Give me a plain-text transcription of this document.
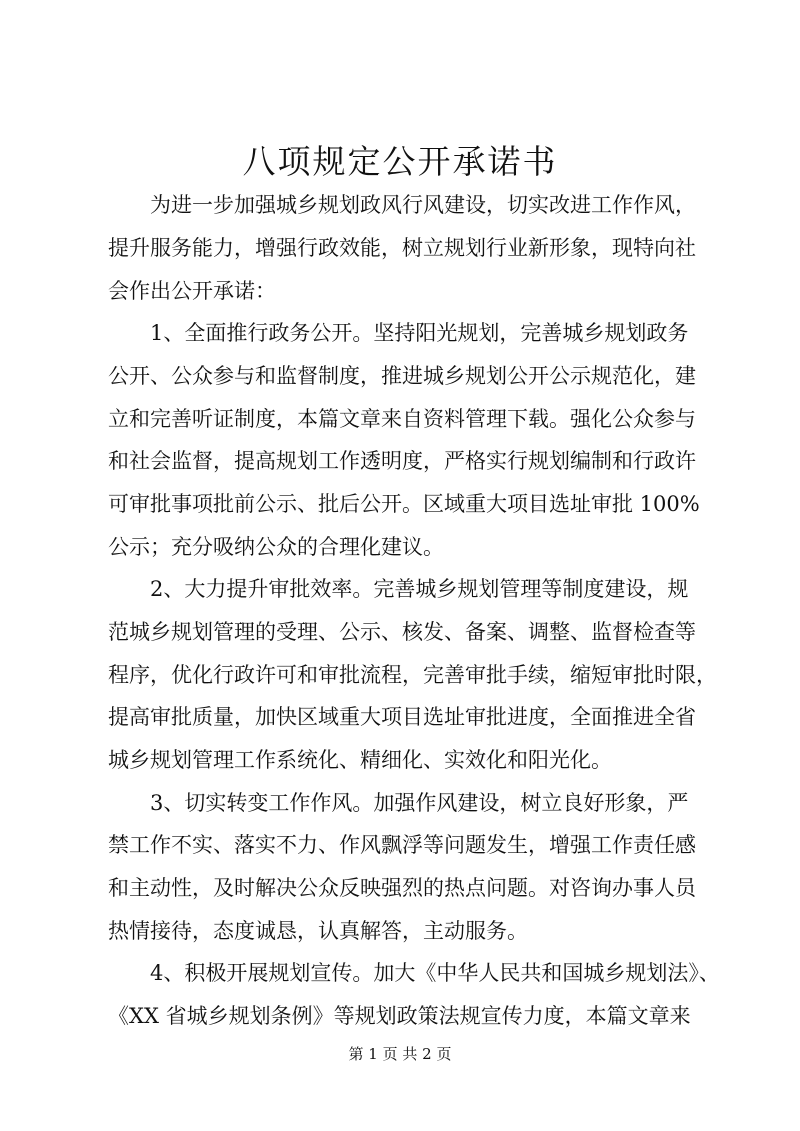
八项规定公开承诺书
为进一步加强城乡规划政风行风建设，切实改进工作作风，
提升服务能力，增强行政效能，树立规划行业新形象，现特向社
会作出公开承诺：
1、全面推行政务公开。坚持阳光规划，完善城乡规划政务
公开、公众参与和监督制度，推进城乡规划公开公示规范化，建
立和完善听证制度，本篇文章来自资料管理下载。强化公众参与
和社会监督，提高规划工作透明度，严格实行规划编制和行政许
可审批事项批前公示、批后公开。区域重大项目选址审批 100%
公示；充分吸纳公众的合理化建议。
2、大力提升审批效率。完善城乡规划管理等制度建设，规
范城乡规划管理的受理、公示、核发、备案、调整、监督检查等
程序，优化行政许可和审批流程，完善审批手续，缩短审批时限，
提高审批质量，加快区域重大项目选址审批进度，全面推进全省
城乡规划管理工作系统化、精细化、实效化和阳光化。
3、切实转变工作作风。加强作风建设，树立良好形象，严
禁工作不实、落实不力、作风飘浮等问题发生，增强工作责任感
和主动性，及时解决公众反映强烈的热点问题。对咨询办事人员
热情接待，态度诚恳，认真解答，主动服务。
4、积极开展规划宣传。加大《中华人民共和国城乡规划法》、
《XX 省城乡规划条例》等规划政策法规宣传力度，本篇文章来
第 1 页 共 2 页
